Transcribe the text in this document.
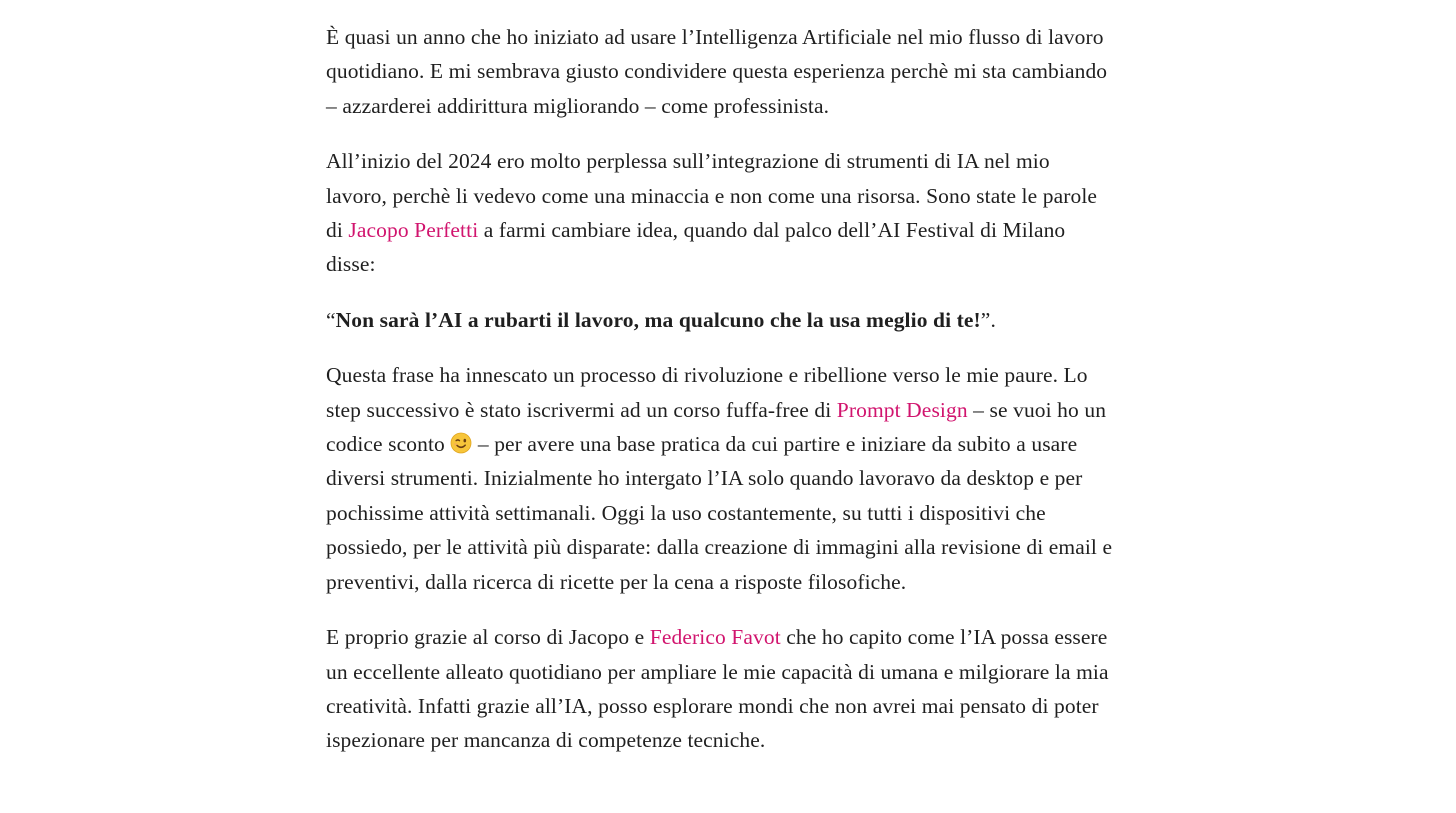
È quasi un anno che ho iniziato ad usare l’Intelligenza Artificiale nel mio flusso di lavoro quotidiano. E mi sembrava giusto condividere questa esperienza perchè mi sta cambiando – azzarderei addirittura migliorando – come professinista.

All’inizio del 2024 ero molto perplessa sull’integrazione di strumenti di IA nel mio lavoro, perchè li vedevo come una minaccia e non come una risorsa. Sono state le parole di Jacopo Perfetti a farmi cambiare idea, quando dal palco dell’AI Festival di Milano disse:

“Non sarà l’AI a rubarti il lavoro, ma qualcuno che la usa meglio di te!”.

Questa frase ha innescato un processo di rivoluzione e ribellione verso le mie paure. Lo step successivo è stato iscrivermi ad un corso fuffa-free di Prompt Design – se vuoi ho un codice sconto  – per avere una base pratica da cui partire e iniziare da subito a usare diversi strumenti. Inizialmente ho intergato l’IA solo quando lavoravo da desktop e per pochissime attività settimanali. Oggi la uso costantemente, su tutti i dispositivi che possiedo, per le attività più disparate: dalla creazione di immagini alla revisione di email e preventivi, dalla ricerca di ricette per la cena a risposte filosofiche.

E proprio grazie al corso di Jacopo e Federico Favot che ho capito come l’IA possa essere un eccellente alleato quotidiano per ampliare le mie capacità di umana e milgiorare la mia creatività. Infatti grazie all’IA, posso esplorare mondi che non avrei mai pensato di poter ispezionare per mancanza di competenze tecniche.
